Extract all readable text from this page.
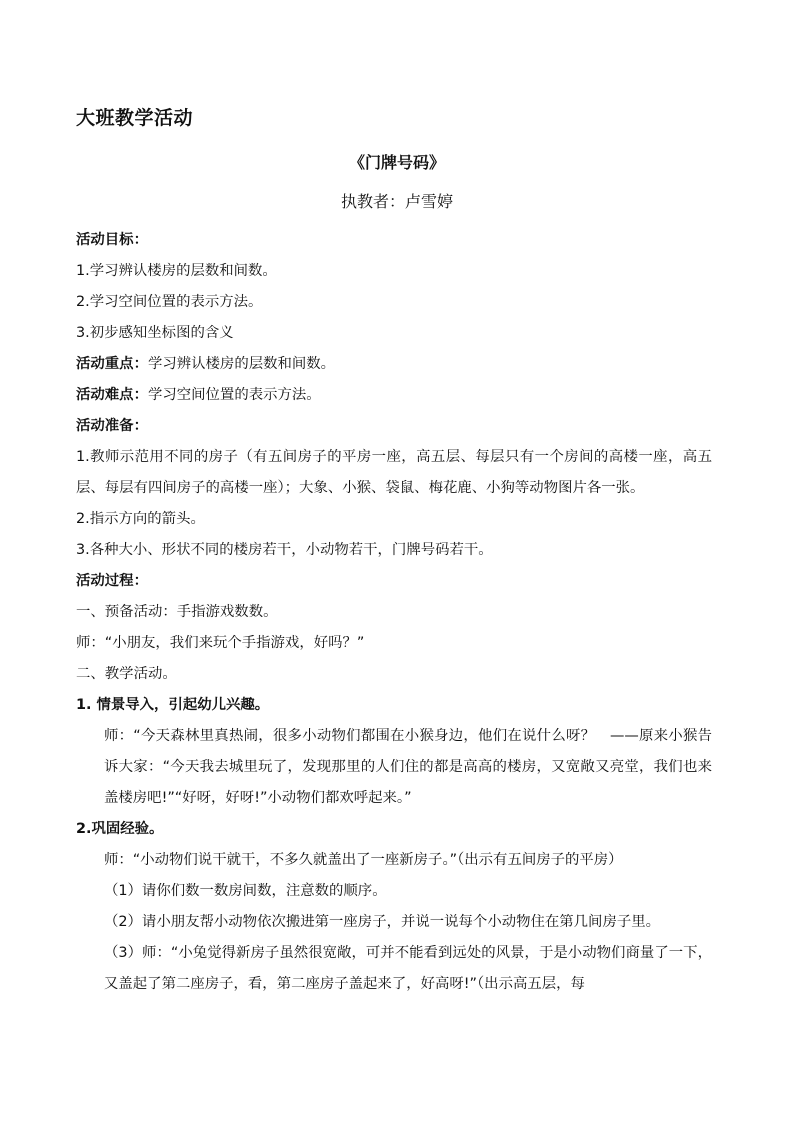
大班教学活动
《门牌号码》
执教者：卢雪婷
活动目标：
1.学习辨认楼房的层数和间数。
2.学习空间位置的表示方法。
3.初步感知坐标图的含义
活动重点：学习辨认楼房的层数和间数。
活动难点：学习空间位置的表示方法。
活动准备：
1.教师示范用不同的房子（有五间房子的平房一座，高五层、每层只有一个房间的高楼一座，高五层、每层有四间房子的高楼一座）；大象、小猴、袋鼠、梅花鹿、小狗等动物图片各一张。
2.指示方向的箭头。
3.各种大小、形状不同的楼房若干，小动物若干，门牌号码若干。
活动过程：
一、预备活动：手指游戏数数。
师：“小朋友，我们来玩个手指游戏，好吗？”
二、教学活动。
1. 情景导入，引起幼儿兴趣。
师：“今天森林里真热闹，很多小动物们都围在小猴身边，他们在说什么呀？　——原来小猴告诉大家：“今天我去城里玩了，发现那里的人们住的都是高高的楼房，又宽敞又亮堂，我们也来盖楼房吧!”“好呀，好呀!”小动物们都欢呼起来。”
2.巩固经验。
师：“小动物们说干就干，不多久就盖出了一座新房子。”（出示有五间房子的平房）
（1）请你们数一数房间数，注意数的顺序。
（2）请小朋友帮小动物依次搬进第一座房子，并说一说每个小动物住在第几间房子里。
（3）师：“小兔觉得新房子虽然很宽敞，可并不能看到远处的风景，于是小动物们商量了一下，又盖起了第二座房子，看，第二座房子盖起来了，好高呀!”（出示高五层，每
